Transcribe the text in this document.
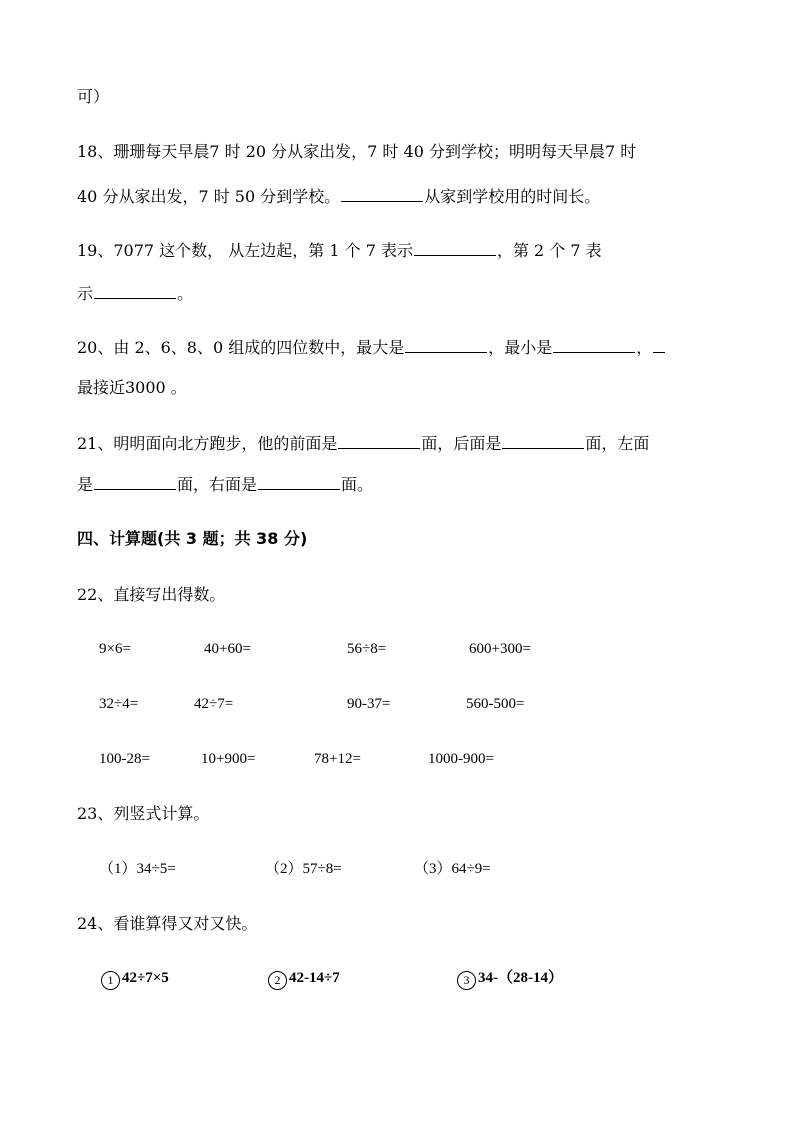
可）
18、珊珊每天早晨7 时 20 分从家出发，7 时 40 分到学校；明明每天早晨7 时
40 分从家出发，7 时 50 分到学校。	从家到学校用的时间长。
19、7077 这个数， 从左边起，第 1 个 7 表示	，第 2 个 7 表
示	。
20、由 2、6、8、0 组成的四位数中，最大是	，最小是	，
最接近3000 。
21、明明面向北方跑步，他的前面是	面，后面是	面，左面
是	面，右面是	面。
四、计算题(共 3 题；共 38 分)
22、直接写出得数。
9×6=	40+60=	56÷8=	600+300=
32÷4=	42÷7=	90-37=	560-500=
100-28=	10+900=	78+12=	1000-900=
23、列竖式计算。
（1）34÷5=	（2）57÷8=	（3）64÷9=
24、看谁算得又对又快。
1 42÷7×5	2 42-14÷7	3 34-（28-14）
